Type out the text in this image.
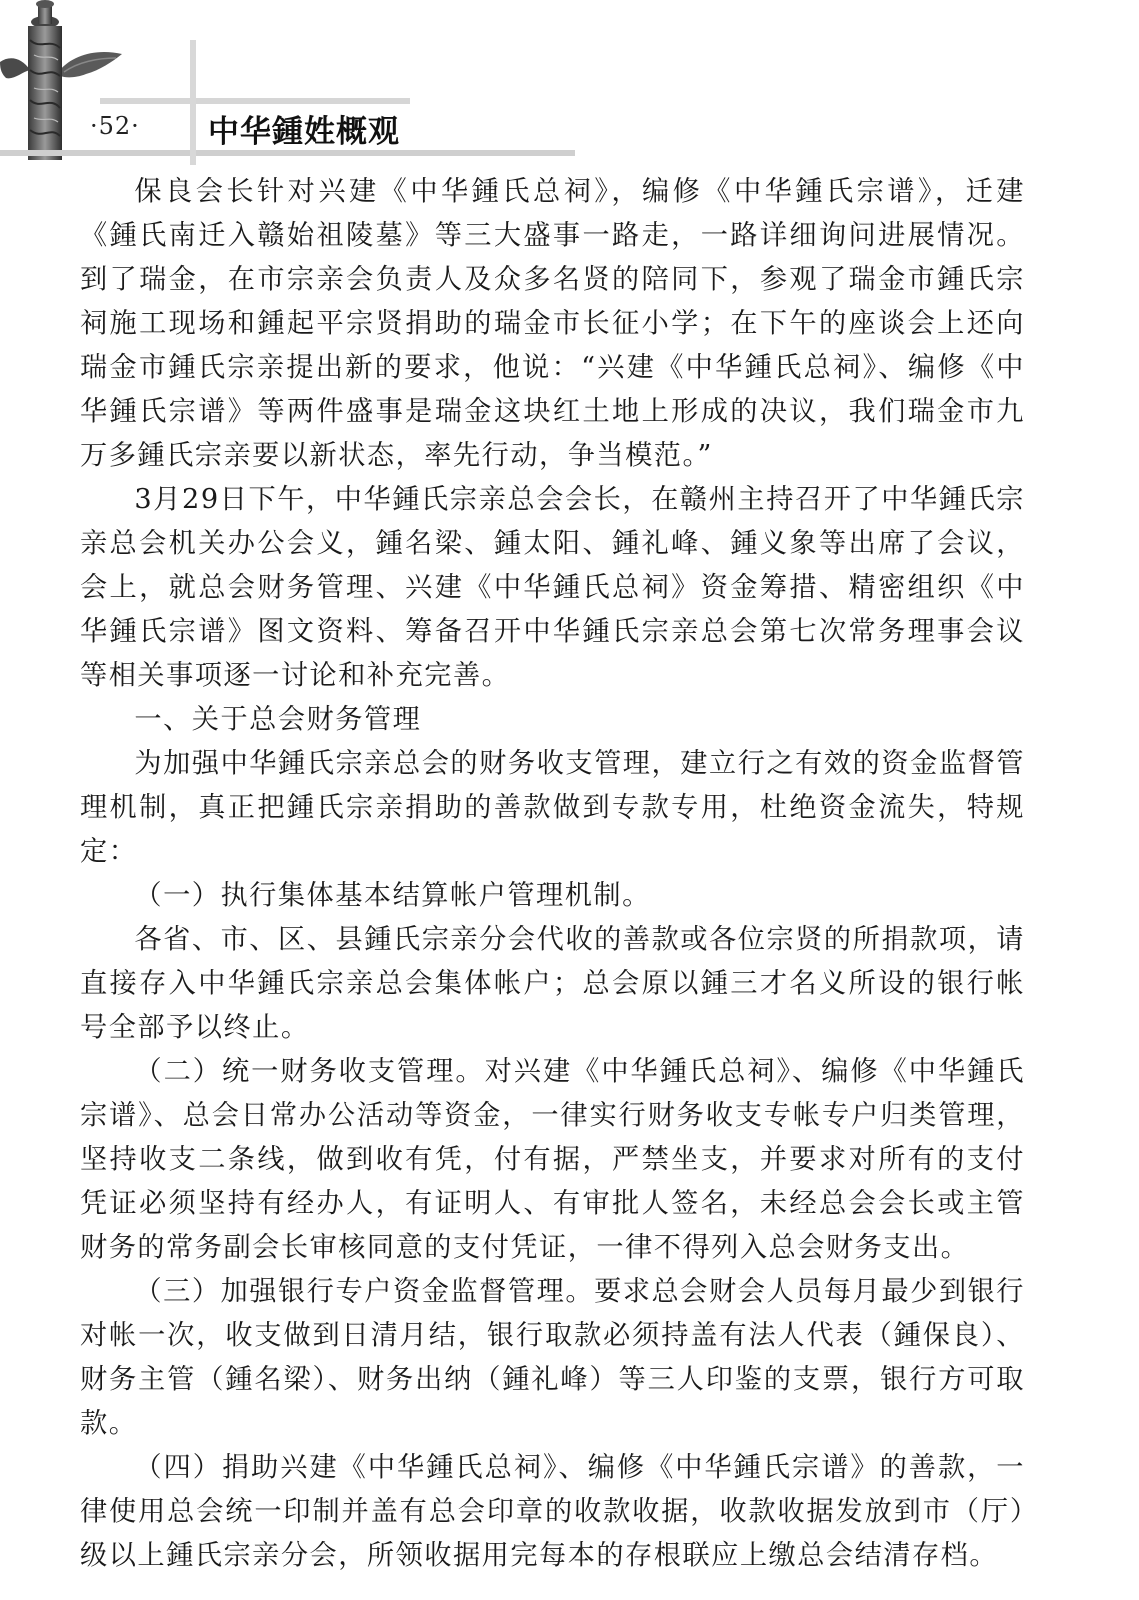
·52· 中华鍾姓概观

保良会长针对兴建《中华鍾氏总祠》，编修《中华鍾氏宗谱》，迁建《鍾氏南迁入赣始祖陵墓》等三大盛事一路走，一路详细询问进展情况。到了瑞金，在市宗亲会负责人及众多名贤的陪同下，参观了瑞金市鍾氏宗祠施工现场和鍾起平宗贤捐助的瑞金市长征小学；在下午的座谈会上还向瑞金市鍾氏宗亲提出新的要求，他说：“兴建《中华鍾氏总祠》、编修《中华鍾氏宗谱》等两件盛事是瑞金这块红土地上形成的决议，我们瑞金市九万多鍾氏宗亲要以新状态，率先行动，争当模范。”

3月29日下午，中华鍾氏宗亲总会会长，在赣州主持召开了中华鍾氏宗亲总会机关办公会义，鍾名梁、鍾太阳、鍾礼峰、鍾义象等出席了会议，会上，就总会财务管理、兴建《中华鍾氏总祠》资金筹措、精密组织《中华鍾氏宗谱》图文资料、筹备召开中华鍾氏宗亲总会第七次常务理事会议等相关事项逐一讨论和补充完善。

一、关于总会财务管理

为加强中华鍾氏宗亲总会的财务收支管理，建立行之有效的资金监督管理机制，真正把鍾氏宗亲捐助的善款做到专款专用，杜绝资金流失，特规定：

（一）执行集体基本结算帐户管理机制。

各省、市、区、县鍾氏宗亲分会代收的善款或各位宗贤的所捐款项，请直接存入中华鍾氏宗亲总会集体帐户；总会原以鍾三才名义所设的银行帐号全部予以终止。

（二）统一财务收支管理。对兴建《中华鍾氏总祠》、编修《中华鍾氏宗谱》、总会日常办公活动等资金，一律实行财务收支专帐专户归类管理，坚持收支二条线，做到收有凭，付有据，严禁坐支，并要求对所有的支付凭证必须坚持有经办人，有证明人、有审批人签名，未经总会会长或主管财务的常务副会长审核同意的支付凭证，一律不得列入总会财务支出。

（三）加强银行专户资金监督管理。要求总会财会人员每月最少到银行对帐一次，收支做到日清月结，银行取款必须持盖有法人代表（鍾保良）、财务主管（鍾名梁）、财务出纳（鍾礼峰）等三人印鉴的支票，银行方可取款。

（四）捐助兴建《中华鍾氏总祠》、编修《中华鍾氏宗谱》的善款，一律使用总会统一印制并盖有总会印章的收款收据，收款收据发放到市（厅）级以上鍾氏宗亲分会，所领收据用完每本的存根联应上缴总会结清存档。
